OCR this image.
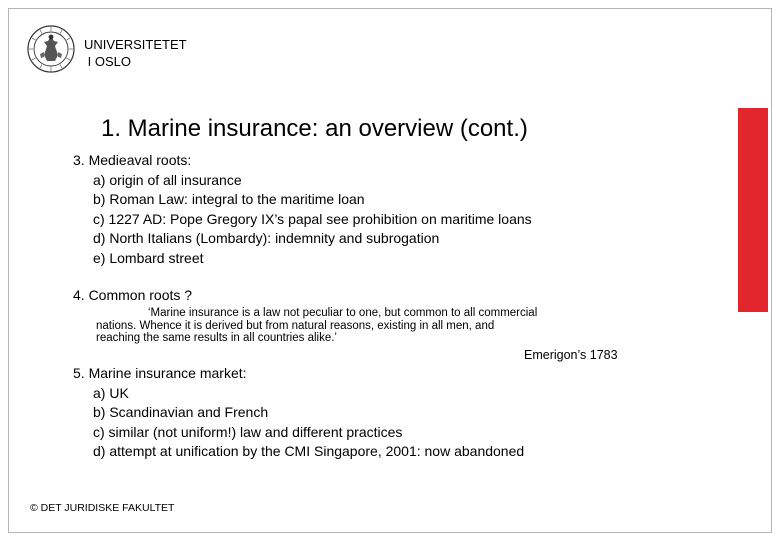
UNIVERSITETET
I OSLO
1. Marine insurance: an overview (cont.)
3. Medieaval roots:
a) origin of all insurance
b) Roman Law: integral to the maritime loan
c) 1227 AD: Pope Gregory IX’s papal see prohibition on maritime loans
d) North Italians (Lombardy): indemnity and subrogation
e) Lombard street
4. Common roots ?
‘Marine insurance is a law not peculiar to one, but common to all commercial
nations. Whence it is derived but from natural reasons, existing in all men, and
reaching the same results in all countries alike.’
Emerigon’s 1783
5. Marine insurance market:
a) UK
b) Scandinavian and French
c) similar (not uniform!) law and different practices
d) attempt at unification by the CMI Singapore, 2001: now abandoned
© DET JURIDISKE FAKULTET
